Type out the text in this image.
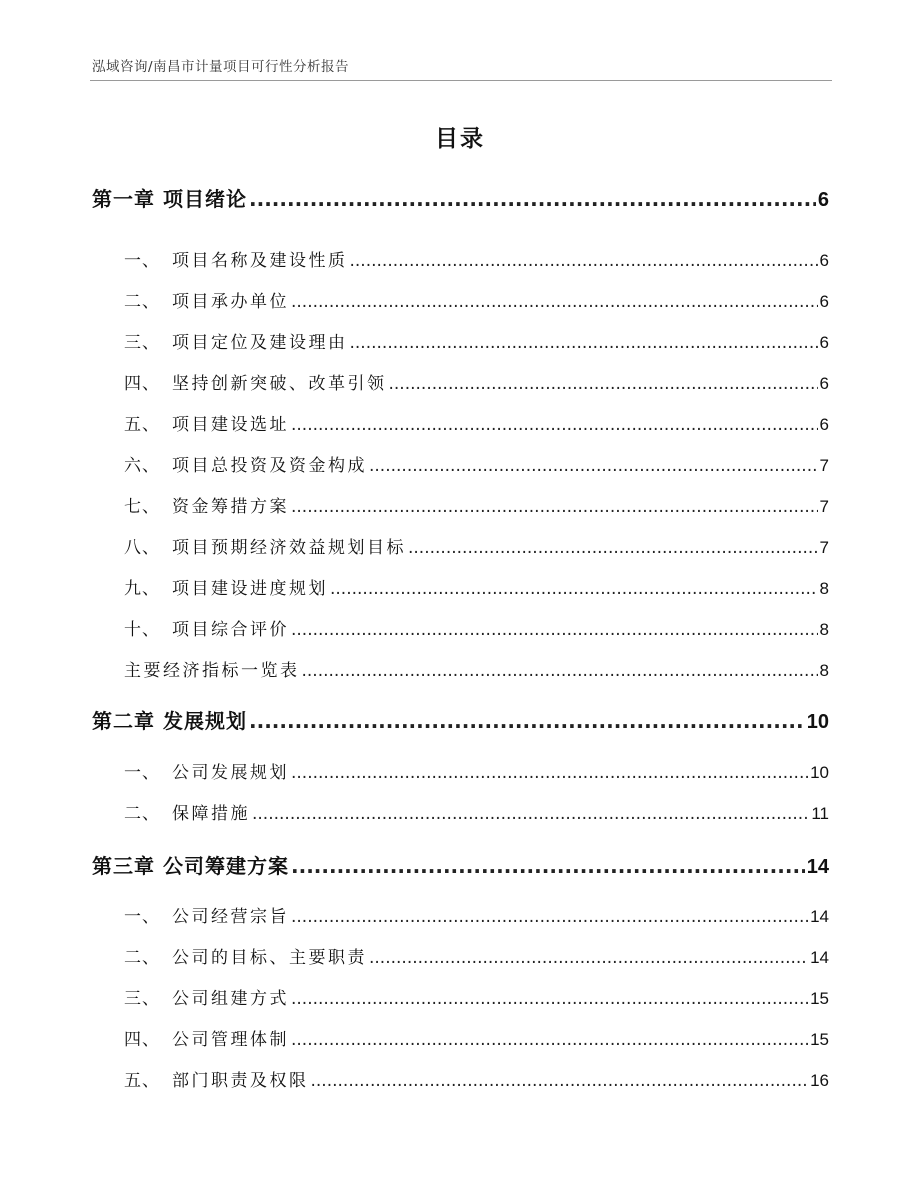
泓域咨询/南昌市计量项目可行性分析报告
目录
第一章 项目绪论 .....	6
一、 项目名称及建设性质 .....	6
二、 项目承办单位 .....	6
三、 项目定位及建设理由 .....	6
四、 坚持创新突破、改革引领 .....	6
五、 项目建设选址 .....	6
六、 项目总投资及资金构成 .....	7
七、 资金筹措方案 .....	7
八、 项目预期经济效益规划目标 .....	7
九、 项目建设进度规划 .....	8
十、 项目综合评价 .....	8
主要经济指标一览表 .....	8
第二章 发展规划 .....	10
一、 公司发展规划 .....	10
二、 保障措施 .....	11
第三章 公司筹建方案 .....	14
一、 公司经营宗旨 .....	14
二、 公司的目标、主要职责 .....	14
三、 公司组建方式 .....	15
四、 公司管理体制 .....	15
五、 部门职责及权限 .....	16
